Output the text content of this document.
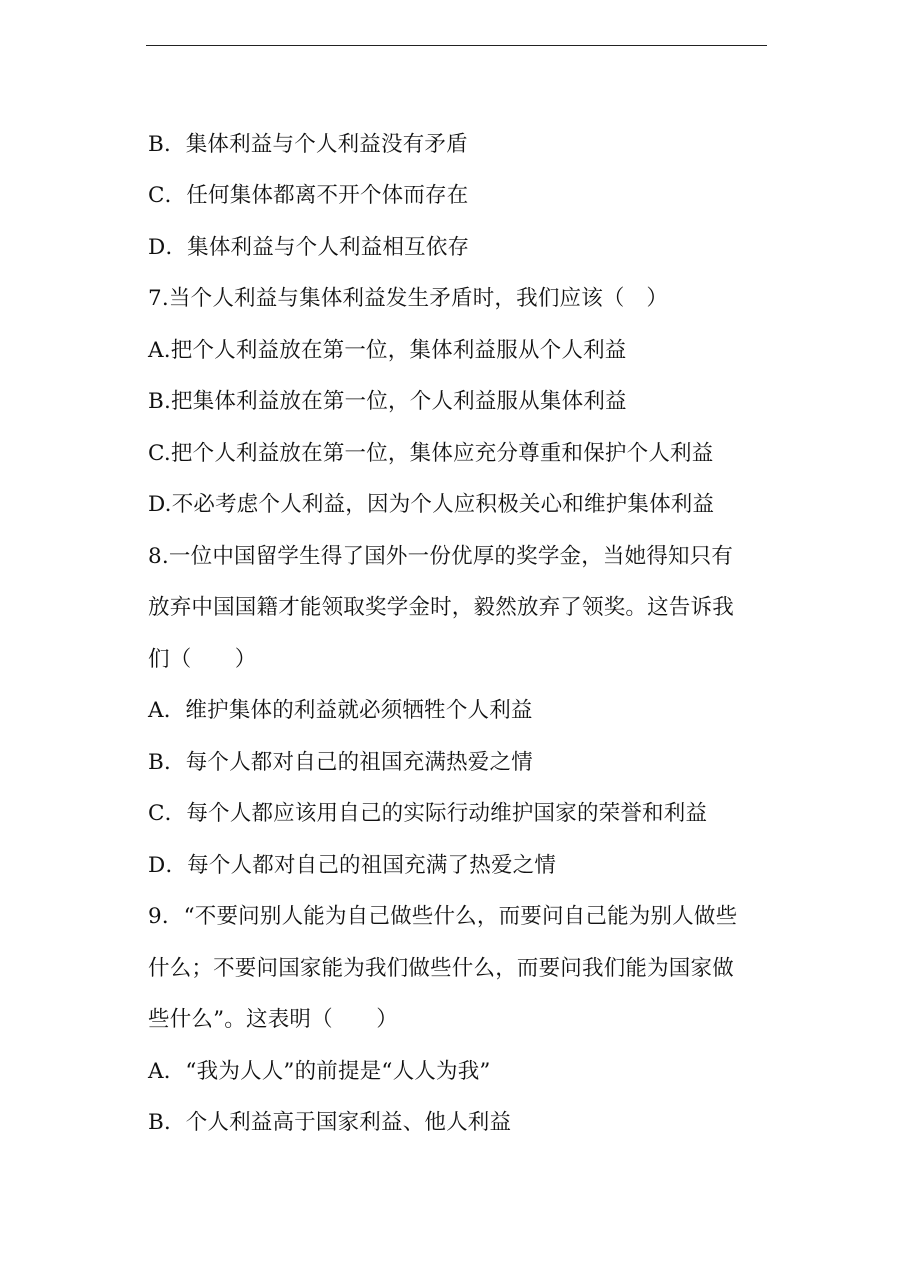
B．集体利益与个人利益没有矛盾
C．任何集体都离不开个体而存在
D．集体利益与个人利益相互依存
7.当个人利益与集体利益发生矛盾时，我们应该（　）
A.把个人利益放在第一位，集体利益服从个人利益
B.把集体利益放在第一位，个人利益服从集体利益
C.把个人利益放在第一位，集体应充分尊重和保护个人利益
D.不必考虑个人利益，因为个人应积极关心和维护集体利益
8.一位中国留学生得了国外一份优厚的奖学金，当她得知只有
放弃中国国籍才能领取奖学金时，毅然放弃了领奖。这告诉我
们（　　）
A．维护集体的利益就必须牺牲个人利益
B．每个人都对自己的祖国充满热爱之情
C．每个人都应该用自己的实际行动维护国家的荣誉和利益
D．每个人都对自己的祖国充满了热爱之情
9．“不要问别人能为自己做些什么，而要问自己能为别人做些
什么；不要问国家能为我们做些什么，而要问我们能为国家做
些什么”。这表明（　　）
A．“我为人人”的前提是“人人为我”
B．个人利益高于国家利益、他人利益
